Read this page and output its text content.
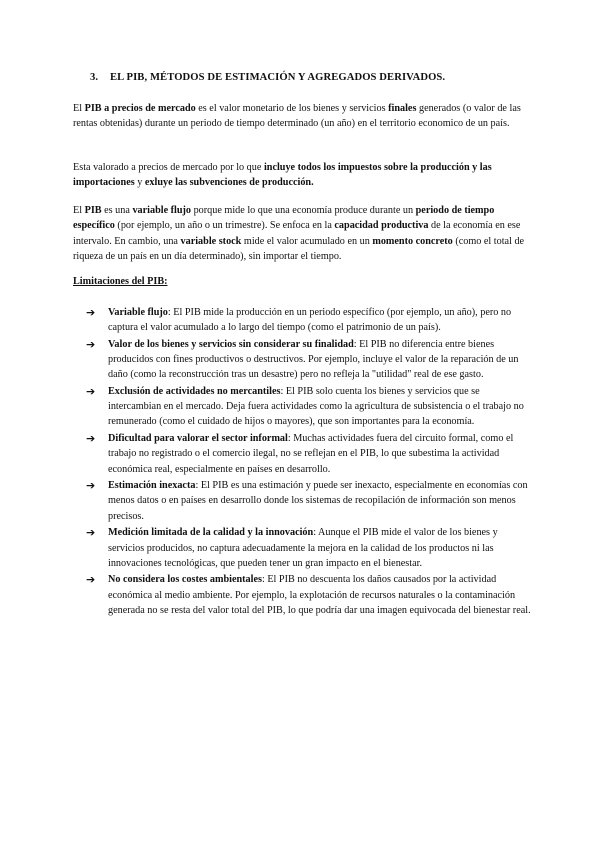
3. EL PIB, MÉTODOS DE ESTIMACIÓN Y AGREGADOS DERIVADOS.

El PIB a precios de mercado es el valor monetario de los bienes y servicios finales generados (o valor de las rentas obtenidas) durante un periodo de tiempo determinado (un año) en el territorio economico de un país.

Esta valorado a precios de mercado por lo que incluye todos los impuestos sobre la producción y las importaciones y exluye las subvenciones de producción.

El PIB es una variable flujo porque mide lo que una economía produce durante un periodo de tiempo específico (por ejemplo, un año o un trimestre). Se enfoca en la capacidad productiva de la economía en ese intervalo. En cambio, una variable stock mide el valor acumulado en un momento concreto (como el total de riqueza de un país en un día determinado), sin importar el tiempo.

Limitaciones del PIB:

➔ Variable flujo: El PIB mide la producción en un periodo específico (por ejemplo, un año), pero no captura el valor acumulado a lo largo del tiempo (como el patrimonio de un país).
➔ Valor de los bienes y servicios sin considerar su finalidad: El PIB no diferencia entre bienes producidos con fines productivos o destructivos. Por ejemplo, incluye el valor de la reparación de un daño (como la reconstrucción tras un desastre) pero no refleja la "utilidad" real de ese gasto.
➔ Exclusión de actividades no mercantiles: El PIB solo cuenta los bienes y servicios que se intercambian en el mercado. Deja fuera actividades como la agricultura de subsistencia o el trabajo no remunerado (como el cuidado de hijos o mayores), que son importantes para la economía.
➔ Dificultad para valorar el sector informal: Muchas actividades fuera del circuito formal, como el trabajo no registrado o el comercio ilegal, no se reflejan en el PIB, lo que subestima la actividad económica real, especialmente en países en desarrollo.
➔ Estimación inexacta: El PIB es una estimación y puede ser inexacto, especialmente en economías con menos datos o en países en desarrollo donde los sistemas de recopilación de información son menos precisos.
➔ Medición limitada de la calidad y la innovación: Aunque el PIB mide el valor de los bienes y servicios producidos, no captura adecuadamente la mejora en la calidad de los productos ni las innovaciones tecnológicas, que pueden tener un gran impacto en el bienestar.
➔ No considera los costes ambientales: El PIB no descuenta los daños causados por la actividad económica al medio ambiente. Por ejemplo, la explotación de recursos naturales o la contaminación generada no se resta del valor total del PIB, lo que podría dar una imagen equivocada del bienestar real.
